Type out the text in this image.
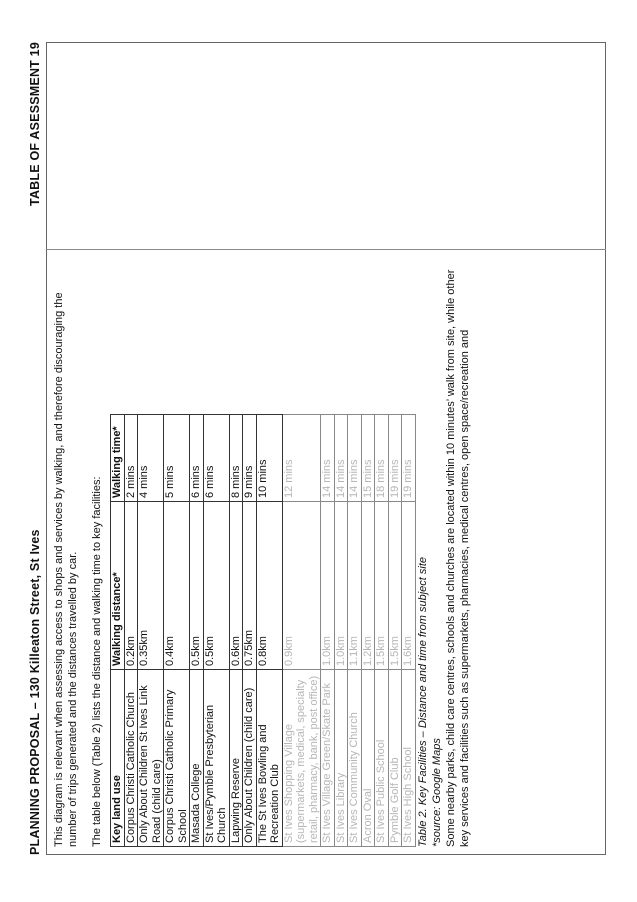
PLANNING PROPOSAL – 130 Killeaton Street, St Ives
TABLE OF ASESSMENT 19

This diagram is relevant when assessing access to shops and services by walking, and therefore discouraging the number of trips generated and the distances travelled by car. The table below (Table 2) lists the distance and walking time to key facilities: Key land use	Walking distance*	Walking time*
Corpus Christi Catholic Church	0.2km	2 mins
Only About Children St Ives Link Road (child care)	0.35km	4 mins
Corpus Christi Catholic Primary School	0.4km	5 mins
Masada College	0.5km	6 mins
St Ives/Pymble Presbyterian Church	0.5km	6 mins
Lapwing Reserve	0.6km	8 mins
Only About Children (child care)	0.75km	9 mins
The St Ives Bowling and Recreation Club	0.8km	10 mins
St Ives Shopping Village (supermarkets, medical, specialty retail, pharmacy, bank, post office)	0.9km	12 mins
St Ives Village Green/Skate Park	1.0km	14 mins
St Ives Library	1.0km	14 mins
St Ives Community Church	1.1km	14 mins
Acron Oval	1.2km	15 mins
St Ives Public School	1.5km	18 mins
Pymble Golf Club	1.5km	19 mins
St Ives High School	1.6km	19 mins

Table 2. Key Facilities – Distance and time from subject site *source: Google Maps Some nearby parks, child care centres, schools and churches are located within 10 minutes’ walk from site, while other key services and facilities such as supermarkets, pharmacies, medical centres, open space/recreation and
